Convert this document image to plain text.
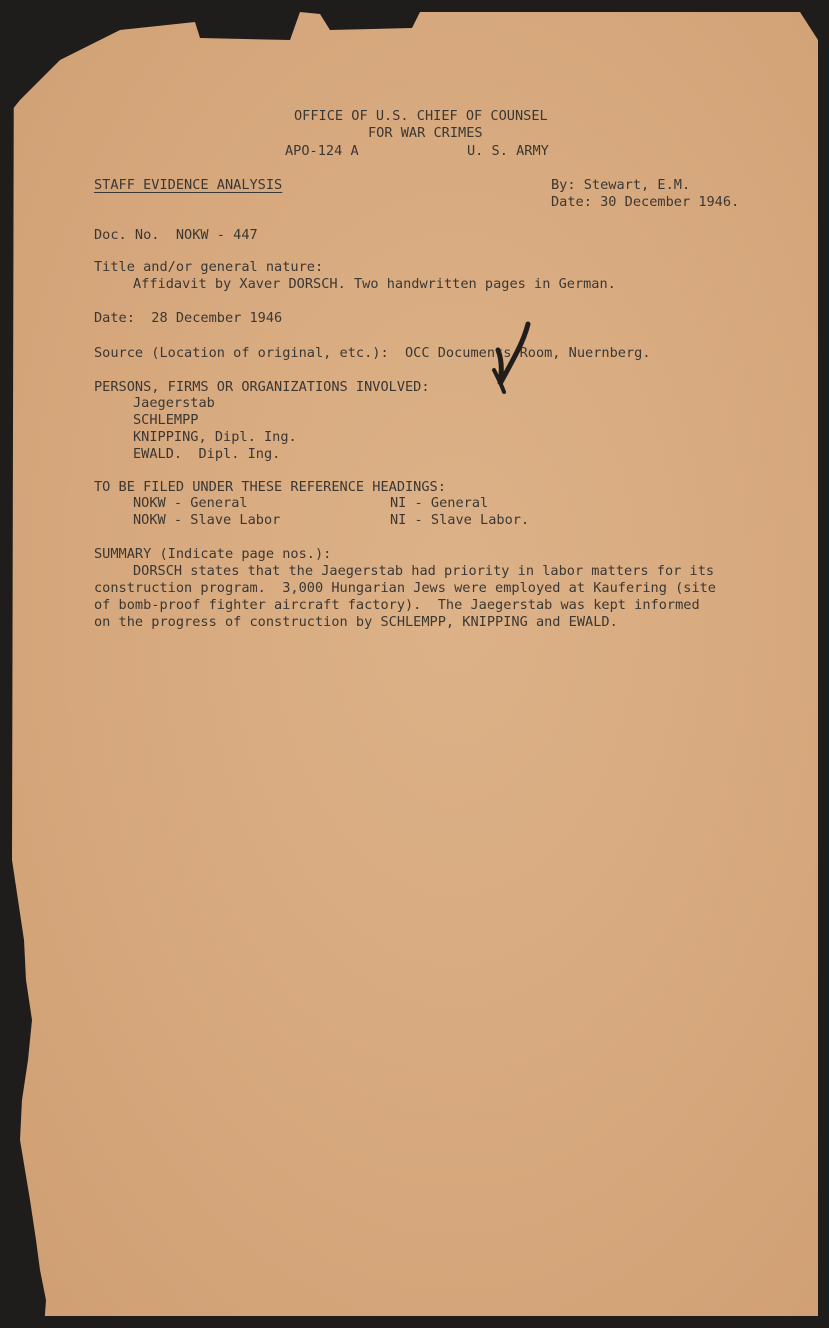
OFFICE OF U.S. CHIEF OF COUNSEL
FOR WAR CRIMES
APO-124 A	U. S. ARMY
STAFF EVIDENCE ANALYSIS	By: Stewart, E.M.
Date: 30 December 1946.
Doc. No.  NOKW - 447
Title and/or general nature:
Affidavit by Xaver DORSCH. Two handwritten pages in German.
Date:  28 December 1946
Source (Location of original, etc.):  OCC Documents Room, Nuernberg.
PERSONS, FIRMS OR ORGANIZATIONS INVOLVED:
Jaegerstab
SCHLEMPP
KNIPPING, Dipl. Ing.
EWALD.  Dipl. Ing.
TO BE FILED UNDER THESE REFERENCE HEADINGS:
NOKW - General
NOKW - Slave Labor
NI - General
NI - Slave Labor.
SUMMARY (Indicate page nos.):
DORSCH states that the Jaegerstab had priority in labor matters for its
construction program.  3,000 Hungarian Jews were employed at Kaufering (site
of bomb-proof fighter aircraft factory).  The Jaegerstab was kept informed
on the progress of construction by SCHLEMPP, KNIPPING and EWALD.
